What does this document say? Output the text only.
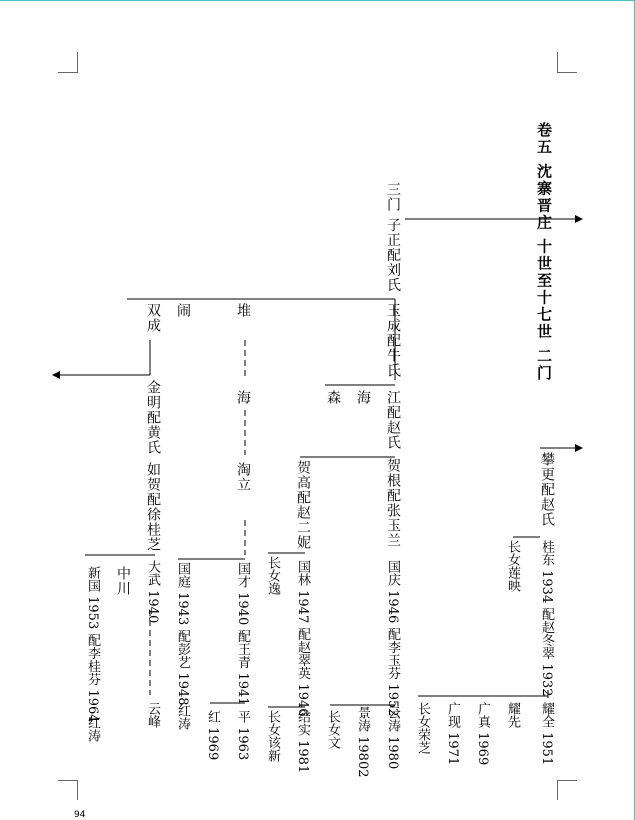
卷五 沈寨晋庄 十世至十七世 二门
三门 子正配刘氏
玉成配牛氏
江配赵氏
森 海
贺根配张玉兰
国庆 1946 配李玉芬 1952
云涛 1980
景涛 19802
长女文
贺高配赵二妮
国林 1947 配赵翠英 1946
结实 1981
长女逸
长女该新
攀更配赵氏
桂东 1934 配赵冬翠 1932
长女莲映
耀全 1951
耀先
广真 1969
广现 1971
长女荣芝
堆
海
淘立
国才 1940 配王青 1941
平 1963
红 1969
闹
国庭 1943 配彭艺 1948
红涛
双成
金明配黄氏
如贺配徐桂芝
大武 1940
云峰
中川
新国 1953 配李桂芬 1964
红涛
94
